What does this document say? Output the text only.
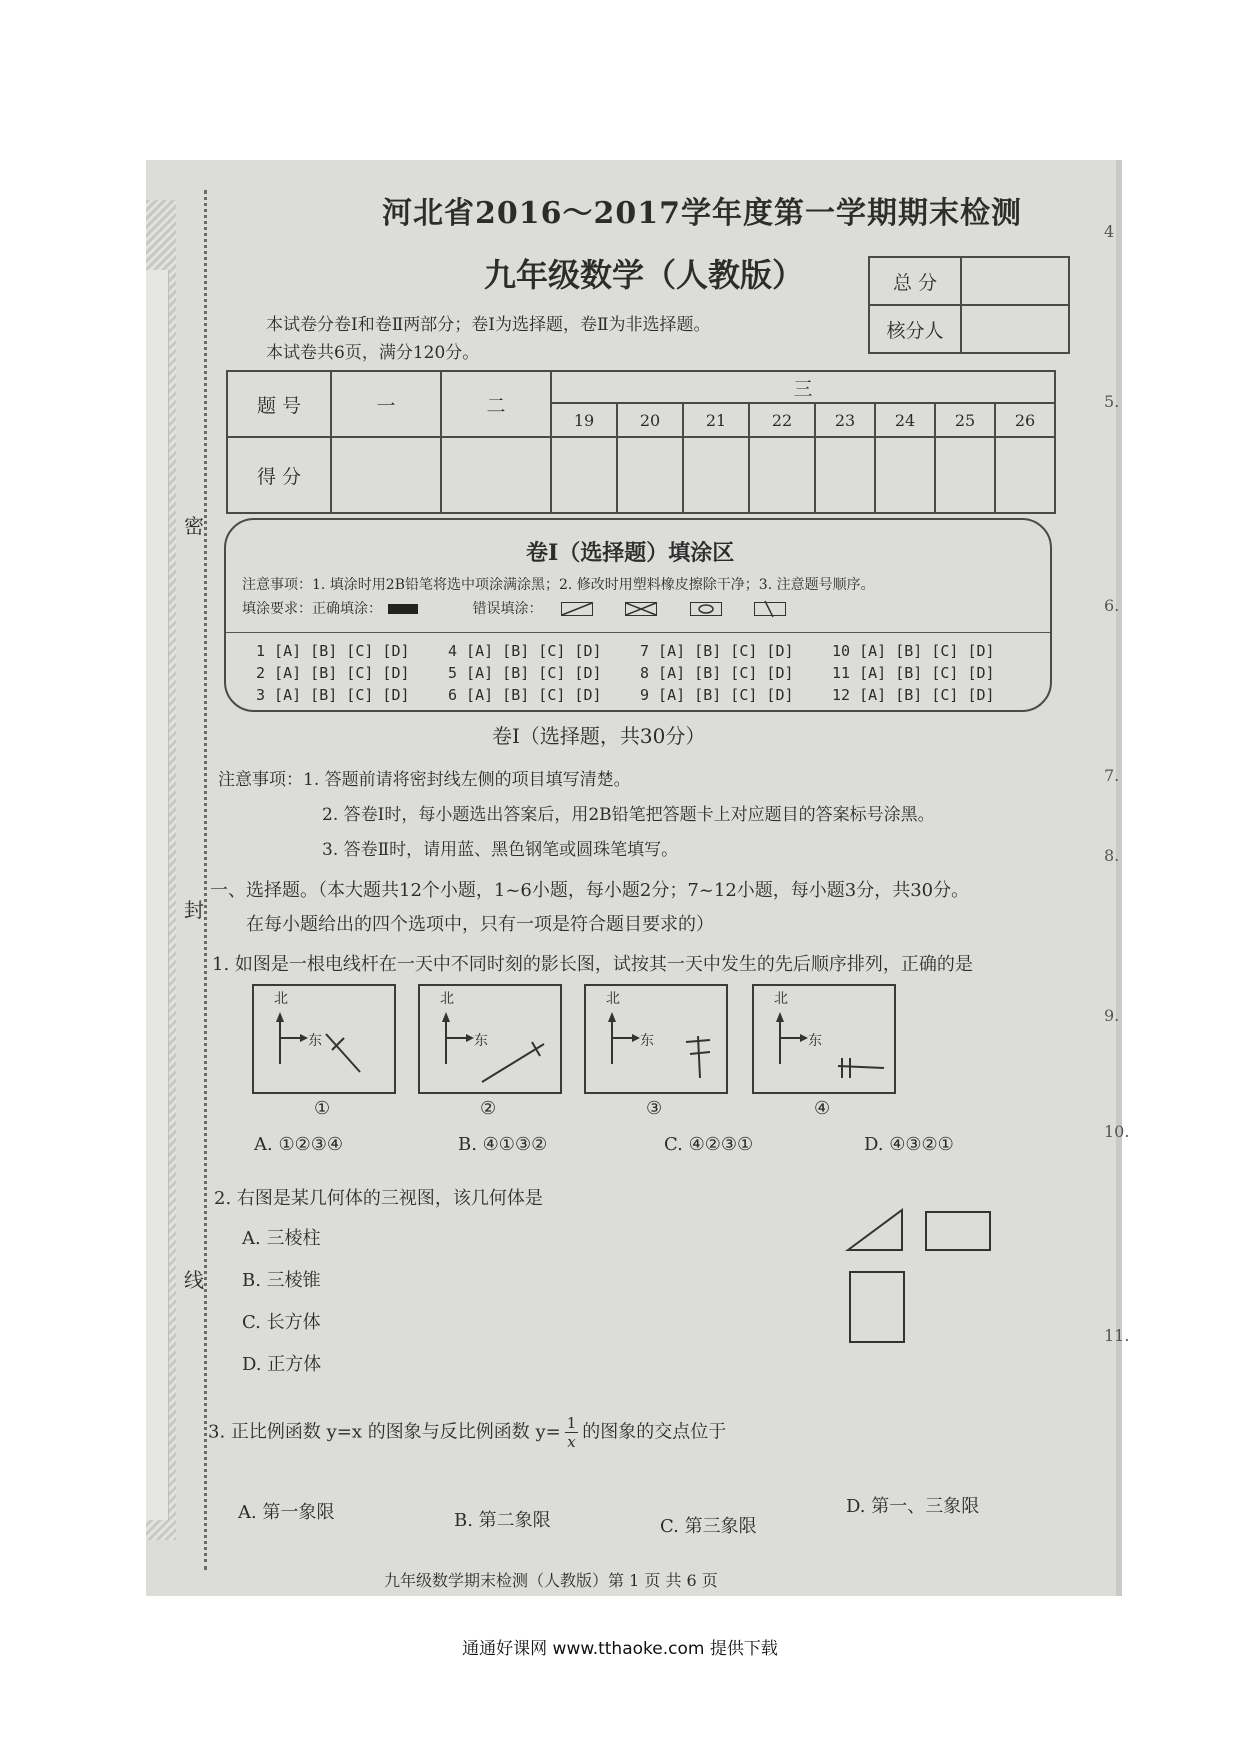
密
封
线
4
5.
6.
7.
8.
9.
10.
11.
河北省2016～2017学年度第一学期期末检测
九年级数学（人教版）	总 分	
核分人	
本试卷分卷Ⅰ和卷Ⅱ两部分；卷Ⅰ为选择题，卷Ⅱ为非选择题。
本试卷共6页，满分120分。
题 号	一	二	三							
			19	20	21	22	23	24	25	26
得 分										
卷Ⅰ（选择题）填涂区
注意事项：1. 填涂时用2B铅笔将选中项涂满涂黑；2. 修改时用塑料橡皮擦除干净；3. 注意题号顺序。
填涂要求：正确填涂：	错误填涂：

1 [A] [B] [C] [D]
2 [A] [B] [C] [D]
3 [A] [B] [C] [D]
4 [A] [B] [C] [D]
5 [A] [B] [C] [D]
6 [A] [B] [C] [D]
7 [A] [B] [C] [D]
8 [A] [B] [C] [D]
9 [A] [B] [C] [D]
10 [A] [B] [C] [D]
11 [A] [B] [C] [D]
12 [A] [B] [C] [D]
卷Ⅰ（选择题，共30分）
注意事项：1. 答题前请将密封线左侧的项目填写清楚。
2. 答卷Ⅰ时，每小题选出答案后，用2B铅笔把答题卡上对应题目的答案标号涂黑。
3. 答卷Ⅱ时，请用蓝、黑色钢笔或圆珠笔填写。
一、选择题。（本大题共12个小题，1~6小题，每小题2分；7~12小题，每小题3分，共30分。
在每小题给出的四个选项中，只有一项是符合题目要求的）
1. 如图是一根电线杆在一天中不同时刻的影长图，试按其一天中发生的先后顺序排列，正确的是
北
东
北
东
北
东
北
东
①	②	③	④
A. ①②③④	B. ④①③②	C. ④②③①	D. ④③②①
2. 右图是某几何体的三视图，该几何体是
A. 三棱柱
B. 三棱锥
C. 长方体
D. 正方体
3. 正比例函数 y=x 的图象与反比例函数 $y= \frac{1}{x}$ 的图象的交点位于
A. 第一象限	B. 第二象限	C. 第三象限
D. 第一、三象限
九年级数学期末检测（人教版）第 1 页 共 6 页
通通好课网 www.tthaoke.com 提供下载
